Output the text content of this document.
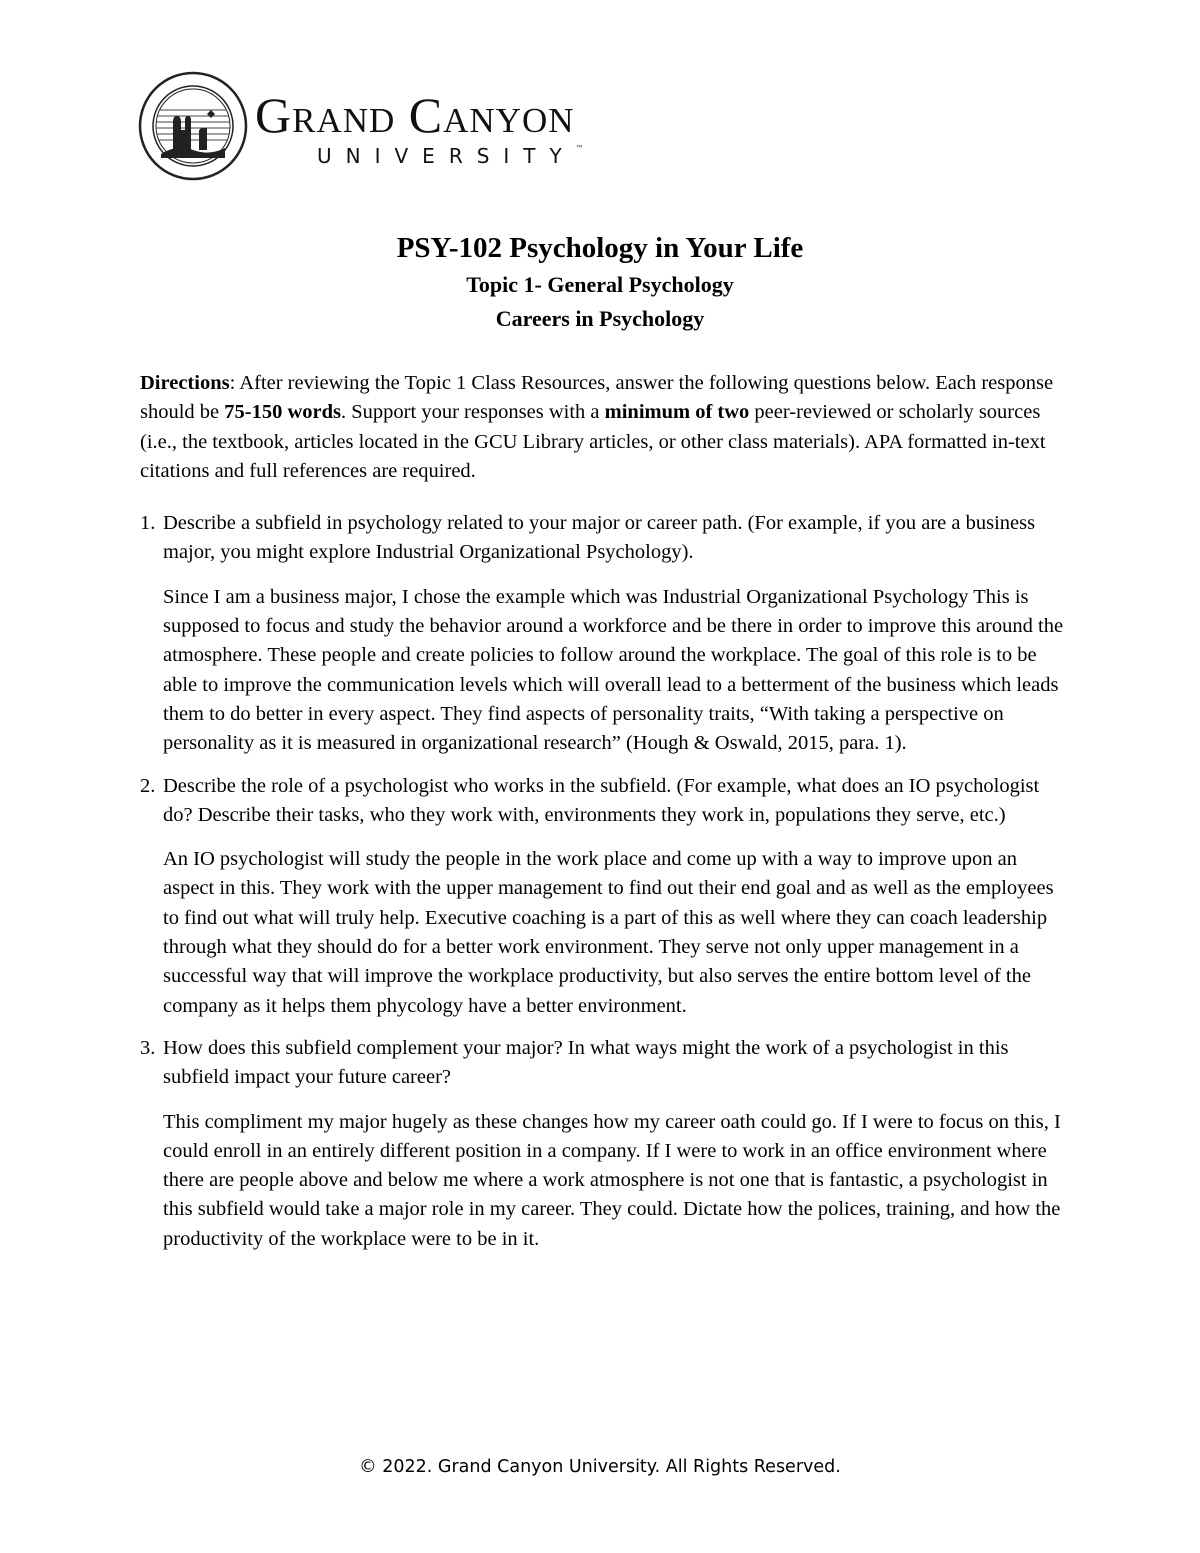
Grand Canyon
UNIVERSITY™
PSY-102 Psychology in Your Life
Topic 1- General Psychology
Careers in Psychology

Directions: After reviewing the Topic 1 Class Resources, answer the following questions below. Each response should be 75-150 words. Support your responses with a minimum of two peer-reviewed or scholarly sources (i.e., the textbook, articles located in the GCU Library articles, or other class materials). APA formatted in-text citations and full references are required.

1. Describe a subfield in psychology related to your major or career path. (For example, if you are a business major, you might explore Industrial Organizational Psychology).

Since I am a business major, I chose the example which was Industrial Organizational Psychology This is supposed to focus and study the behavior around a workforce and be there in order to improve this around the atmosphere. These people and create policies to follow around the workplace. The goal of this role is to be able to improve the communication levels which will overall lead to a betterment of the business which leads them to do better in every aspect. They find aspects of personality traits, “With taking a perspective on personality as it is measured in organizational research” (Hough & Oswald, 2015, para. 1).

2. Describe the role of a psychologist who works in the subfield. (For example, what does an IO psychologist do? Describe their tasks, who they work with, environments they work in, populations they serve, etc.)

An IO psychologist will study the people in the work place and come up with a way to improve upon an aspect in this. They work with the upper management to find out their end goal and as well as the employees to find out what will truly help. Executive coaching is a part of this as well where they can coach leadership through what they should do for a better work environment. They serve not only upper management in a successful way that will improve the workplace productivity, but also serves the entire bottom level of the company as it helps them phycology have a better environment.

3. How does this subfield complement your major? In what ways might the work of a psychologist in this subfield impact your future career?

This compliment my major hugely as these changes how my career oath could go. If I were to focus on this, I could enroll in an entirely different position in a company. If I were to work in an office environment where there are people above and below me where a work atmosphere is not one that is fantastic, a psychologist in this subfield would take a major role in my career. They could. Dictate how the polices, training, and how the productivity of the workplace were to be in it.

© 2022. Grand Canyon University. All Rights Reserved.
